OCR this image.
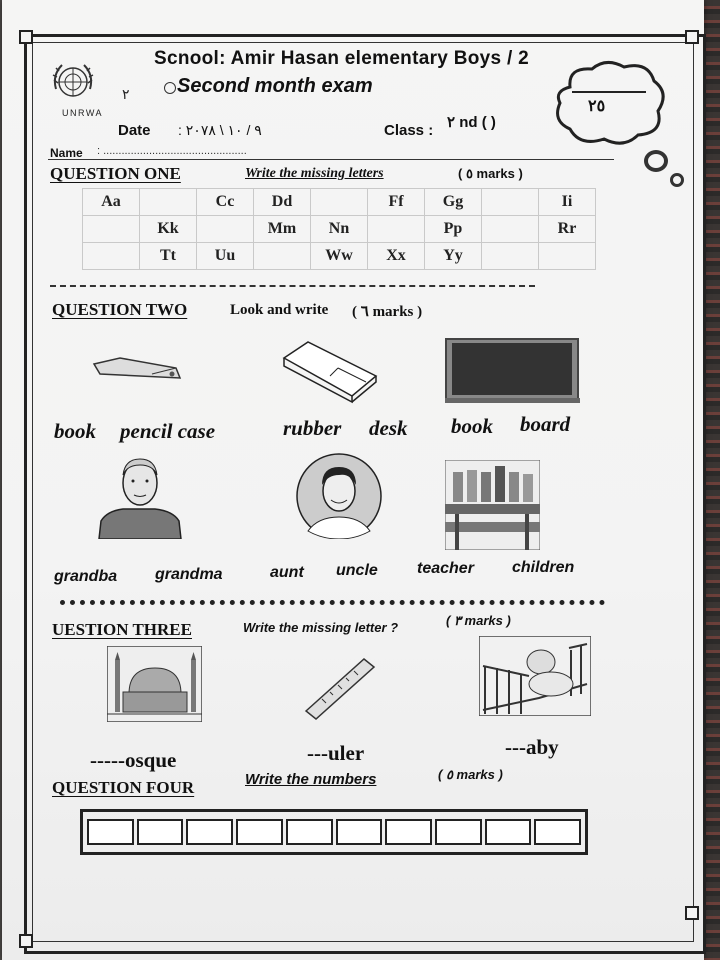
UNRWA
Scnool: Amir Hasan elementary Boys / 2
Second month exam
٢
Date : ٩ / ١٠ \ ٢٠٧٨	Class : ٢ nd ( )
Name : ...............................................
٢٥
QUESTION ONE	Write the missing letters	( ٥ marks )
Aa		Cc	Dd		Ff	Gg		Ii
	Kk		Mm	Nn		Pp		Rr
	Tt	Uu		Ww	Xx	Yy		
QUESTION TWO	Look and write ( ٦ marks )
book pencil case	rubber desk book board
grandba grandma	aunt uncle teacher children
UESTION THREE	Write the missing letter ?	( ٣ marks )
-----osque	---uler	---aby
QUESTION FOUR	Write the numbers	( ٥ marks )
